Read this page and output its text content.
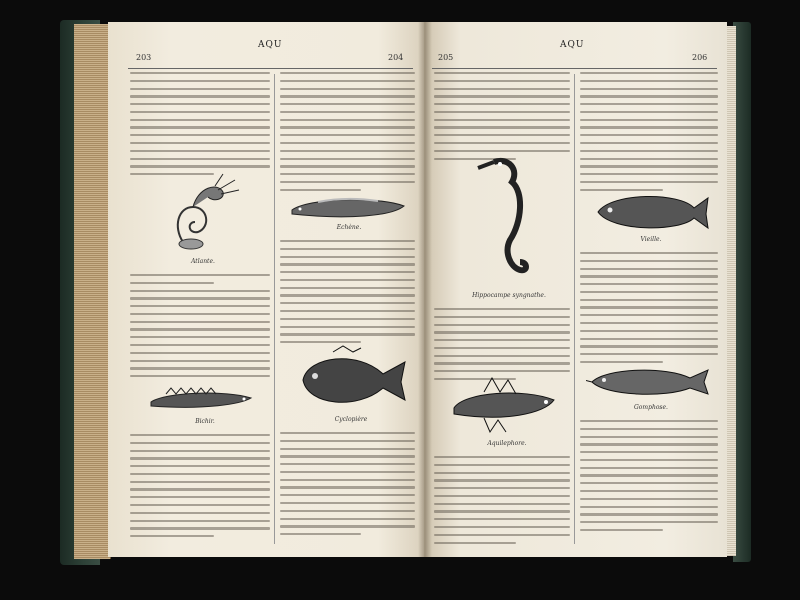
203
AQU
204
Atlante.
Bichir.
Echène.
Cyclopière
205
AQU
206
Hippocampe syngnathe.
Aquilephore.
Vieille.
Gomphose.
